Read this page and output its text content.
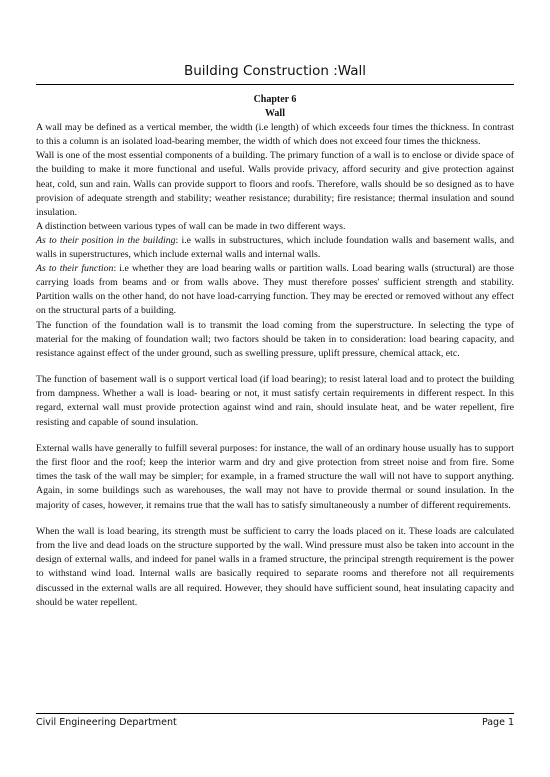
Building Construction :Wall

Chapter 6

Wall

A wall may be defined as a vertical member, the width (i.e length) of which exceeds four times the thickness. In contrast to this a column is an isolated load-bearing member, the width of which does not exceed four times the thickness.

Wall is one of the most essential components of a building. The primary function of a wall is to enclose or divide space of the building to make it more functional and useful. Walls provide privacy, afford security and give protection against heat, cold, sun and rain. Walls can provide support to floors and roofs. Therefore, walls should be so designed as to have provision of adequate strength and stability; weather resistance; durability; fire resistance; thermal insulation and sound insulation.

A distinction between various types of wall can be made in two different ways.

As to their position in the building: i.e walls in substructures, which include foundation walls and basement walls, and walls in superstructures, which include external walls and internal walls.

As to their function: i.e whether they are load bearing walls or partition walls. Load bearing walls (structural) are those carrying loads from beams and or from walls above. They must therefore posses' sufficient strength and stability. Partition walls on the other hand, do not have load-carrying function. They may be erected or removed without any effect on the structural parts of a building.

The function of the foundation wall is to transmit the load coming from the superstructure. In selecting the type of material for the making of foundation wall; two factors should be taken in to consideration: load bearing capacity, and resistance against effect of the under ground, such as swelling pressure, uplift pressure, chemical attack, etc.

The function of basement wall is o support vertical load (if load bearing); to resist lateral load and to protect the building from dampness. Whether a wall is load- bearing or not, it must satisfy certain requirements in different respect. In this regard, external wall must provide protection against wind and rain, should insulate heat, and be water repellent, fire resisting and capable of sound insulation.

External walls have generally to fulfill several purposes: for instance, the wall of an ordinary house usually has to support the first floor and the roof; keep the interior warm and dry and give protection from street noise and from fire. Some times the task of the wall may be simpler; for example, in a framed structure the wall will not have to support anything. Again, in some buildings such as warehouses, the wall may not have to provide thermal or sound insulation. In the majority of cases, however, it remains true that the wall has to satisfy simultaneously a number of different requirements.

When the wall is load bearing, its strength must be sufficient to carry the loads placed on it. These loads are calculated from the live and dead loads on the structure supported by the wall. Wind pressure must also be taken into account in the design of external walls, and indeed for panel walls in a framed structure, the principal strength requirement is the power to withstand wind load. Internal walls are basically required to separate rooms and therefore not all requirements discussed in the external walls are all required. However, they should have sufficient sound, heat insulating capacity and should be water repellent.

Civil Engineering Department	Page 1
